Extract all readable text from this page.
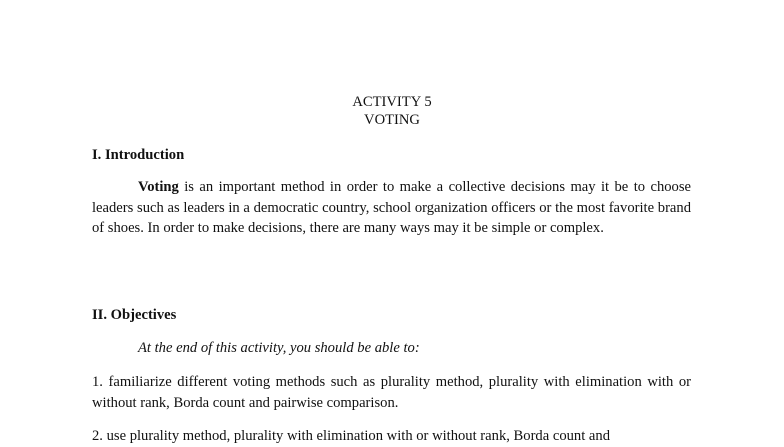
ACTIVITY 5
VOTING
I. Introduction

Voting is an important method in order to make a collective decisions may it be to choose leaders such as leaders in a democratic country, school organization officers or the most favorite brand of shoes. In order to make decisions, there are many ways may it be simple or complex.

II. Objectives
At the end of this activity, you should be able to:

1. familiarize different voting methods such as plurality method, plurality with elimination with or without rank, Borda count and pairwise comparison.

2. use plurality method, plurality with elimination with or without rank, Borda count and
